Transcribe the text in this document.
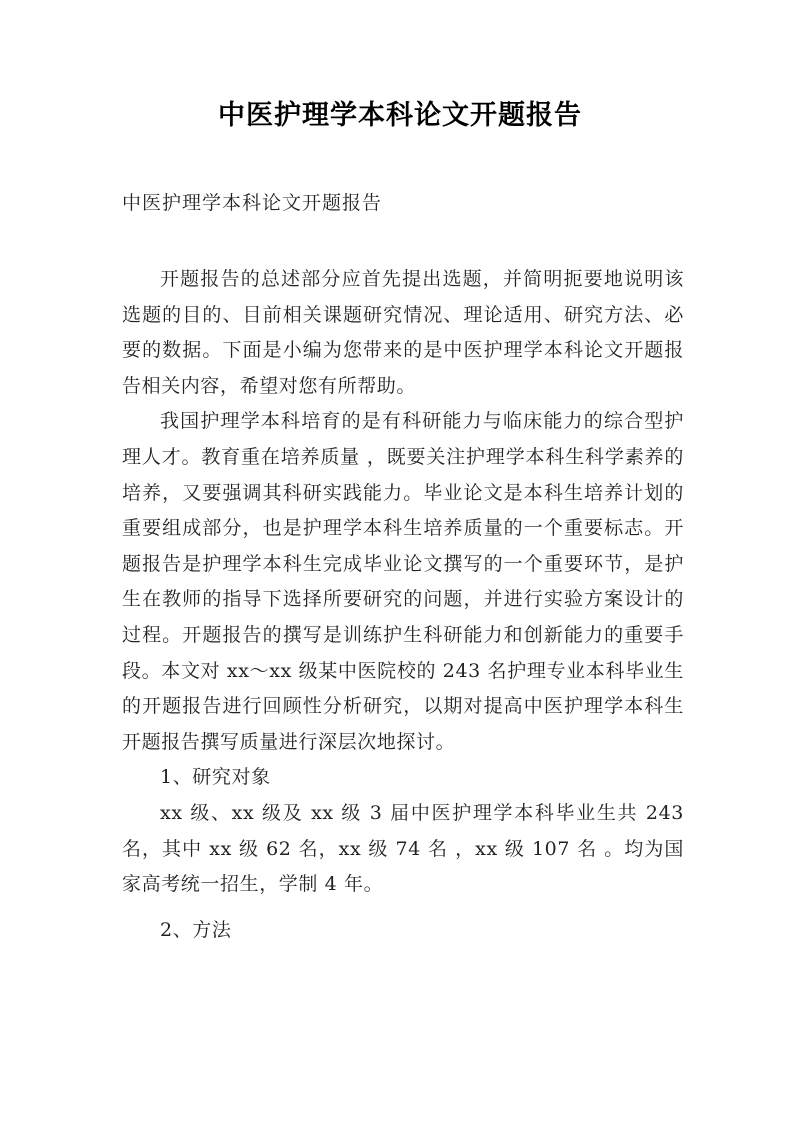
中医护理学本科论文开题报告

中医护理学本科论文开题报告

开题报告的总述部分应首先提出选题，并简明扼要地说明该选题的目的、目前相关课题研究情况、理论适用、研究方法、必要的数据。下面是小编为您带来的是中医护理学本科论文开题报告相关内容，希望对您有所帮助。

我国护理学本科培育的是有科研能力与临床能力的综合型护理人才。教育重在培养质量 ，既要关注护理学本科生科学素养的培养，又要强调其科研实践能力。毕业论文是本科生培养计划的重要组成部分，也是护理学本科生培养质量的一个重要标志。开题报告是护理学本科生完成毕业论文撰写的一个重要环节，是护生在教师的指导下选择所要研究的问题，并进行实验方案设计的过程。开题报告的撰写是训练护生科研能力和创新能力的重要手段。本文对 xx～xx 级某中医院校的 243 名护理专业本科毕业生的开题报告进行回顾性分析研究，以期对提高中医护理学本科生开题报告撰写质量进行深层次地探讨。

1、研究对象

xx 级、xx 级及 xx 级 3 届中医护理学本科毕业生共 243 名，其中 xx 级 62 名，xx 级 74 名 ，xx 级 107 名 。均为国家高考统一招生，学制 4 年。

2、方法
